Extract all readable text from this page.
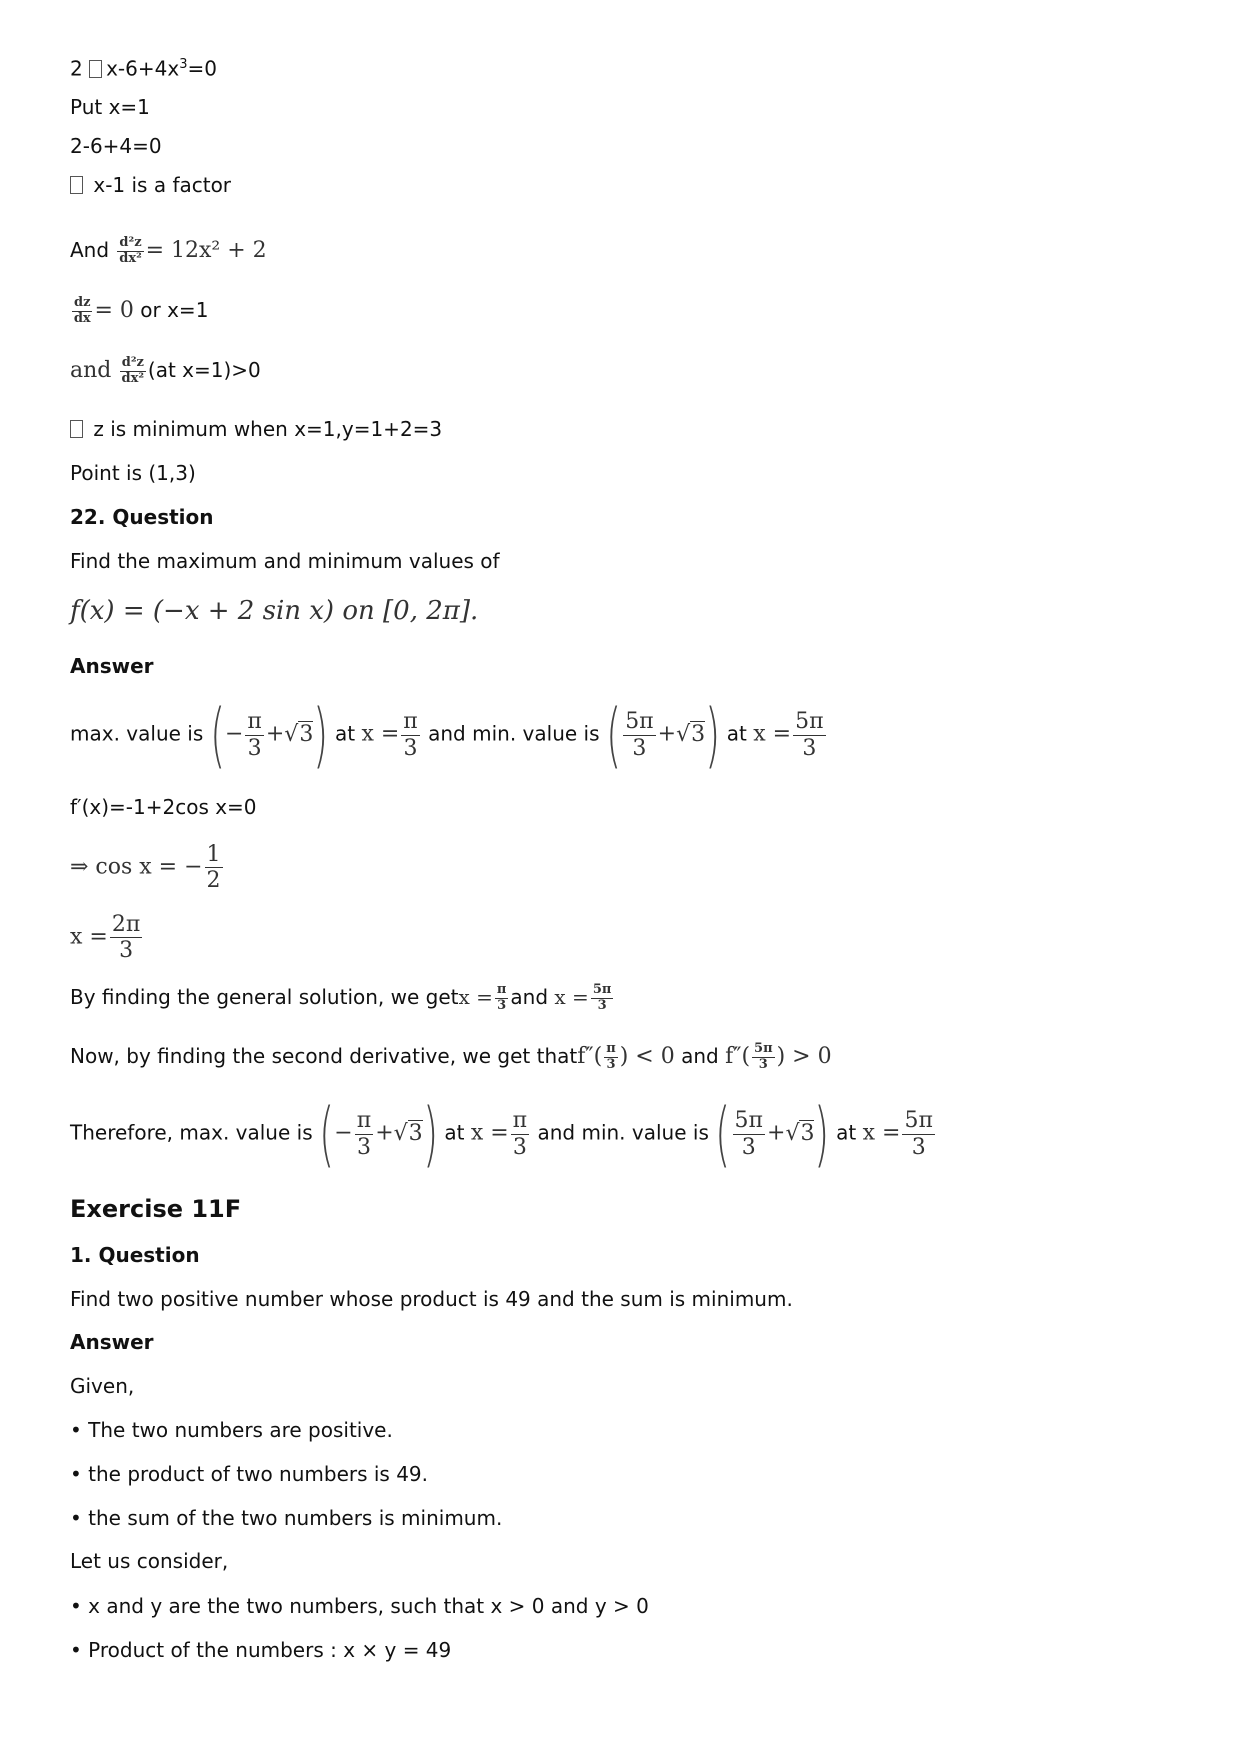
2 $x-6+4x^3=0$
Put x=1
2-6+4=0
x-1 is a factor
And $\frac{\text{d²z}}{\text{dx²}} = 12x^2 + 2$
$\frac{dz}{dx} = 0$ or x=1
and $\frac{\text{d²z}}{\text{dx²}} (at$ x=1)>0
z is minimum when x=1,y=1+2=3
Point is (1,3)
22. Question
Find the maximum and minimum values of
f(x) = (−x + 2 sin x) on [0, 2π].
Answer
max. value is (− $\frac{\pi}{3} +√3$) at $x = \frac{\pi}{3}$ and min. value is ( $\frac{5\pi}{3} +√3$) at $x = \frac{5\pi}{3}$
f′(x)=-1+2cos x=0
⇒ cos x = − $\frac{1}{2}$
$x = \frac{2\pi}{3}$
By finding the general solution, we getx = $\frac{\pi}{3}$ and $x = \frac{5\pi}{3}$
Now, by finding the second derivative, we get thatf″( $\frac{\pi}{3}$ ) < 0 and $f''( \frac{5\pi}{3}$ ) > 0
Therefore, max. value is (− $\frac{\pi}{3} +√3$) at $x = \frac{\pi}{3}$ and min. value is ( $\frac{5\pi}{3} +√3$) at $x = \frac{5\pi}{3}$
Exercise 11F
1. Question
Find two positive number whose product is 49 and the sum is minimum.
Answer
Given,
• The two numbers are positive.
• the product of two numbers is 49.
• the sum of the two numbers is minimum.
Let us consider,
• x and y are the two numbers, such that x > 0 and y > 0
• Product of the numbers : x × y = 49
